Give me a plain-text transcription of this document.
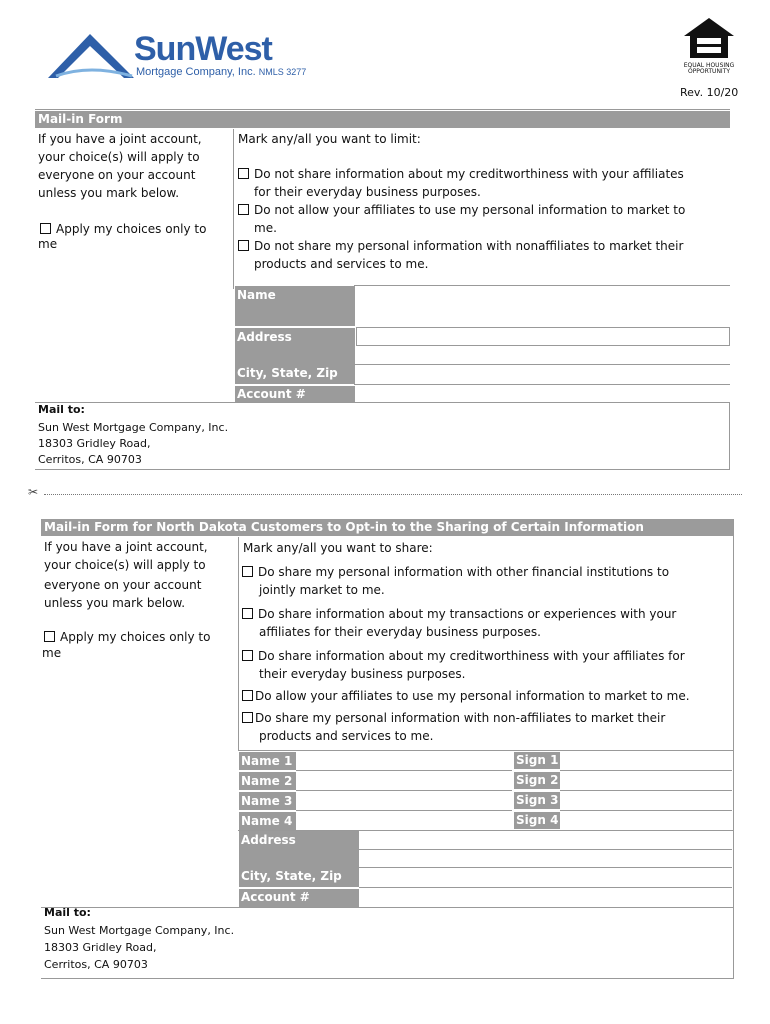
SunWest
Mortgage Company, Inc. NMLS 3277
EQUAL HOUSING
OPPORTUNITY
Rev. 10/20
Mail-in Form
If you have a joint account,
your choice(s) will apply to
everyone on your account
unless you mark below.
Apply my choices only to
me
Mark any/all you want to limit:
Do not share information about my creditworthiness with your affiliates
for their everyday business purposes.
Do not allow your affiliates to use my personal information to market to
me.
Do not share my personal information with nonaffiliates to market their
products and services to me.
Name
Address
City, State, Zip
Account #
Mail to:
Sun West Mortgage Company, Inc.
18303 Gridley Road,
Cerritos, CA 90703
✂
Mail-in Form for North Dakota Customers to Opt-in to the Sharing of Certain Information
If you have a joint account,
your choice(s) will apply to
everyone on your account
unless you mark below.
Apply my choices only to
me
Mark any/all you want to share:
Do share my personal information with other financial institutions to
jointly market to me.
Do share information about my transactions or experiences with your
affiliates for their everyday business purposes.
Do share information about my creditworthiness with your affiliates for
their everyday business purposes.
Do allow your affiliates to use my personal information to market to me.
Do share my personal information with non-affiliates to market their
products and services to me.
Name 1
Name 2
Name 3
Name 4
Sign 1
Sign 2
Sign 3
Sign 4
Address
City, State, Zip
Account #
Mail to:
Sun West Mortgage Company, Inc.
18303 Gridley Road,
Cerritos, CA 90703
